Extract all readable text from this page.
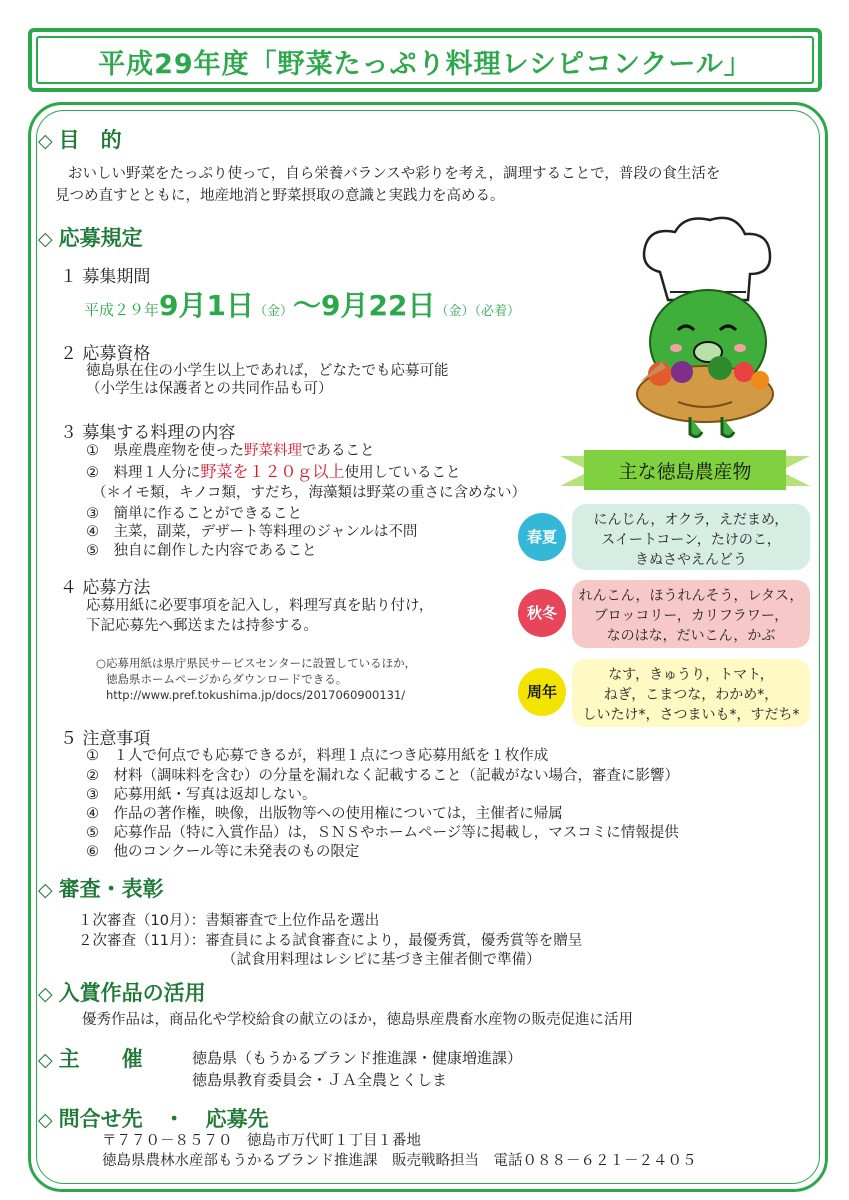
平成29年度「野菜たっぷり料理レシピコンクール」
◇ 目　的
おいしい野菜をたっぷり使って，自ら栄養バランスや彩りを考え，調理することで，普段の食生活を
見つめ直すとともに，地産地消と野菜摂取の意識と実践力を高める。
◇ 応募規定
１ 募集期間
平成２９年9月1日（金）～9月22日（金）（必着）
２ 応募資格
徳島県在住の小学生以上であれば，どなたでも応募可能
（小学生は保護者との共同作品も可）
３ 募集する料理の内容
①　県産農産物を使った野菜料理であること
②　料理１人分に野菜を１２０ｇ以上使用していること
（＊イモ類，キノコ類，すだち，海藻類は野菜の重さに含めない）
③　簡単に作ることができること
④　主菜，副菜，デザート等料理のジャンルは不問
⑤　独自に創作した内容であること
４ 応募方法
応募用紙に必要事項を記入し，料理写真を貼り付け，
下記応募先へ郵送または持参する。
○応募用紙は県庁県民サービスセンターに設置しているほか，
徳島県ホームページからダウンロードできる。
http://www.pref.tokushima.jp/docs/2017060900131/
５ 注意事項
①　１人で何点でも応募できるが，料理１点につき応募用紙を１枚作成
②　材料（調味料を含む）の分量を漏れなく記載すること（記載がない場合，審査に影響）
③　応募用紙・写真は返却しない。
④　作品の著作権，映像，出版物等への使用権については，主催者に帰属
⑤　応募作品（特に入賞作品）は，ＳＮＳやホームページ等に掲載し，マスコミに情報提供
⑥　他のコンクール等に未発表のもの限定
主な徳島農産物
にんじん，オクラ，えだまめ，
スイートコーン，たけのこ，
きぬさやえんどう
春夏
れんこん，ほうれんそう，レタス，
ブロッコリー，カリフラワー，
なのはな，だいこん，かぶ
秋冬
なす，きゅうり，トマト，
ねぎ，こまつな，わかめ*，
しいたけ*，さつまいも*，すだち*
周年
◇ 審査・表彰
１次審査（10月）：書類審査で上位作品を選出
２次審査（11月）：審査員による試食審査により，最優秀賞，優秀賞等を贈呈
（試食用料理はレシピに基づき主催者側で準備）
◇ 入賞作品の活用
優秀作品は，商品化や学校給食の献立のほか，徳島県産農畜水産物の販売促進に活用
◇ 主　　催	徳島県（もうかるブランド推進課・健康増進課）
徳島県教育委員会・ＪＡ全農とくしま
◇ 問合せ先　・　応募先
〒７７０－８５７０　徳島市万代町１丁目１番地
徳島県農林水産部もうかるブランド推進課　販売戦略担当　電話０８８－６２１－２４０５
